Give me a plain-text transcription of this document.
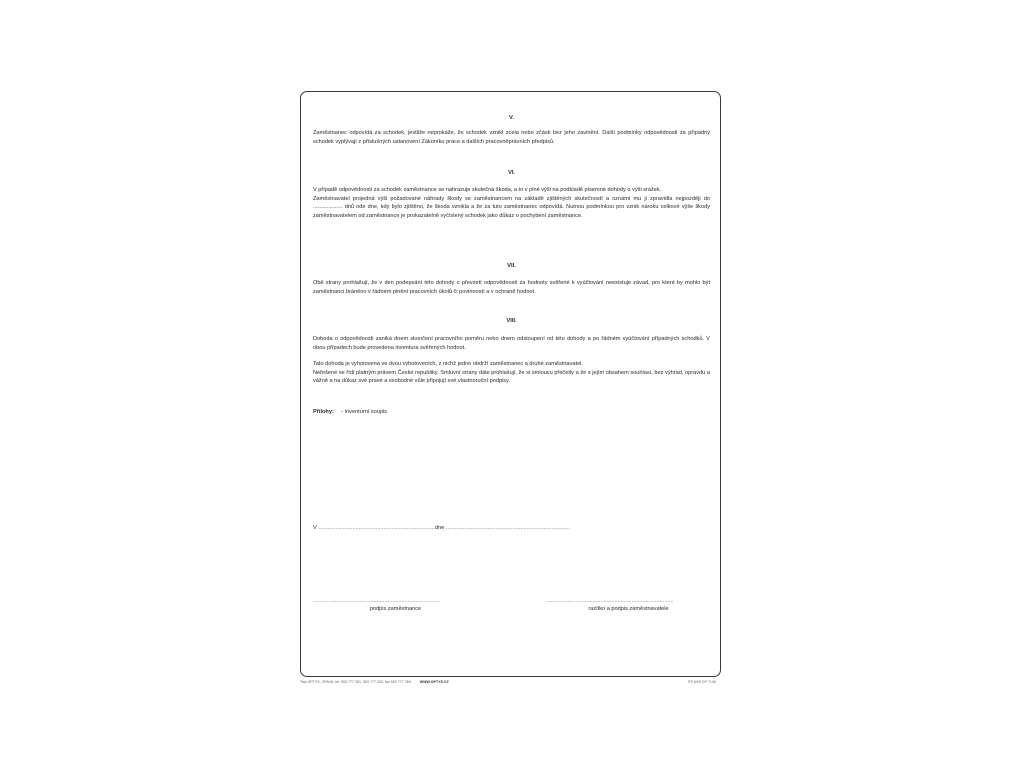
V.

Zaměstnanec odpovídá za schodek, jestliže neprokáže, že schodek vznikl zcela nebo zčásti bez jeho zavinění. Další podmínky odpovědnosti za případný schodek vyplývají z příslušných ustanovení Zákoníku práce a dalších pracovněprávních předpisů.

VI.

V případě odpovědnosti za schodek zaměstnance se nahrazuje skutečná škoda, a to v plné výši na podkladě písemné dohody o výši srážek.

Zaměstnavatel projedná výši požadované náhrady škody se zaměstnancem na základě zjištěných skutečností a oznámí mu ji zpravidla nejpozději do ................... dnů ode dne, kdy bylo zjištěno, že škoda vznikla a že za tuto zaměstnanec odpovídá. Nutnou podmínkou pro vznik nároku celkové výše škody zaměstnavatelem od zaměstnance je prokazatelně vyčíslený schodek jako důkaz o pochybení zaměstnance.

VII.

Obě strany prohlašují, že v den podepsání této dohody o převzetí odpovědnosti za hodnoty svěřené k vyúčtování neexistuje závad, pro které by mohlo být zaměstnanci bráněno v řádném plnění pracovních úkolů či povinností a v ochraně hodnot.

VIII.

Dohoda o odpovědnosti zaniká dnem skončení pracovního poměru nebo dnem odstoupení od této dohody a po řádném vyúčtování případných schodků. V obou případech bude provedena inventura svěřených hodnot.

Tato dohoda je vyhotovena ve dvou vyhotoveních, z nichž jedno obdrží zaměstnanec a druhé zaměstnavatel.
Neřešené se řídí platným právem České republiky. Smluvní strany dále prohlašují, že si smlouvu přečetly a že s jejím obsahem souhlasí, bez výhrad, opravdu a vážně a na důkaz své pravé a svobodné vůle připojují své vlastnoruční podpisy.

Přílohy: - inventurní soupis
V ...........................................................................dne ................................................................................
..................................................................................
podpis zaměstnance
..................................................................................
razítko a podpis zaměstnavatele
Tisk OPTYS, OPAVA, tel. 553 777 381, 553 777 333, fax 553 777 359	WWW.OPTYS.CZ	PS 6/09 OP 7136
